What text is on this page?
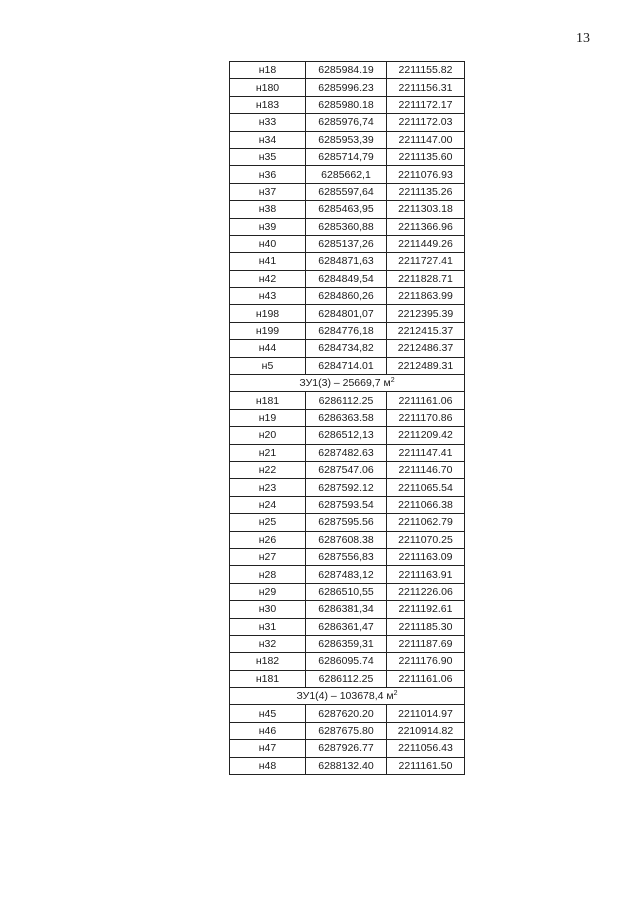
13
н18	6285984.19	2211155.82
н180	6285996.23	2211156.31
н183	6285980.18	2211172.17
н33	6285976,74	2211172.03
н34	6285953,39	2211147.00
н35	6285714,79	2211135.60
н36	6285662,1	2211076.93
н37	6285597,64	2211135.26
н38	6285463,95	2211303.18
н39	6285360,88	2211366.96
н40	6285137,26	2211449.26
н41	6284871,63	2211727.41
н42	6284849,54	2211828.71
н43	6284860,26	2211863.99
н198	6284801,07	2212395.39
н199	6284776,18	2212415.37
н44	6284734,82	2212486.37
н5	6284714.01	2212489.31
ЗУ1(3) – 25669,7 $м^2$
н181	6286112.25	2211161.06
н19	6286363.58	2211170.86
н20	6286512,13	2211209.42
н21	6287482.63	2211147.41
н22	6287547.06	2211146.70
н23	6287592.12	2211065.54
н24	6287593.54	2211066.38
н25	6287595.56	2211062.79
н26	6287608.38	2211070.25
н27	6287556,83	2211163.09
н28	6287483,12	2211163.91
н29	6286510,55	2211226.06
н30	6286381,34	2211192.61
н31	6286361,47	2211185.30
н32	6286359,31	2211187.69
н182	6286095.74	2211176.90
н181	6286112.25	2211161.06
ЗУ1(4) – 103678,4 $м^2$
н45	6287620.20	2211014.97
н46	6287675.80	2210914.82
н47	6287926.77	2211056.43
н48	6288132.40	2211161.50
